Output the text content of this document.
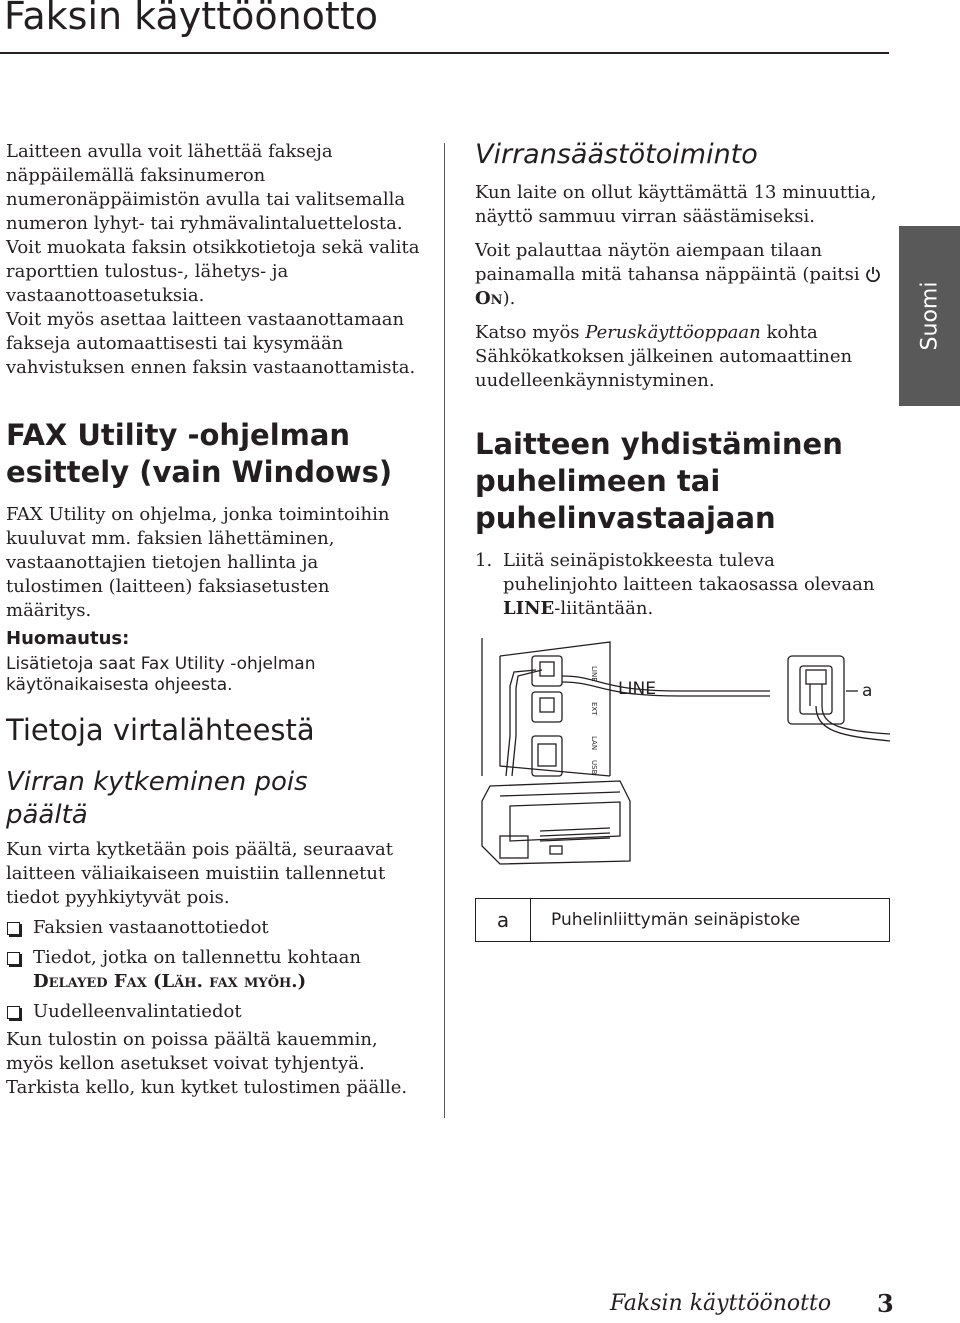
Faksin käyttöönotto
Suomi

Laitteen avulla voit lähettää fakseja näppäilemällä faksinumeron numeronäppäimistön avulla tai valitsemalla numeron lyhyt- tai ryhmävalintaluettelosta. Voit muokata faksin otsikkotietoja sekä valita raporttien tulostus-, lähetys- ja vastaanottoasetuksia.

Voit myös asettaa laitteen vastaanottamaan fakseja automaattisesti tai kysymään vahvistuksen ennen faksin vastaanottamista.

FAX Utility -ohjelman esittely (vain Windows)

FAX Utility on ohjelma, jonka toimintoihin kuuluvat mm. faksien lähettäminen, vastaanottajien tietojen hallinta ja tulostimen (laitteen) faksiasetusten määritys.

Huomautus:

Lisätietoja saat Fax Utility -ohjelman käytönaikaisesta ohjeesta.

Tietoja virtalähteestä
Virran kytkeminen pois päältä

Kun virta kytketään pois päältä, seuraavat laitteen väliaikaiseen muistiin tallennetut tiedot pyyhkiytyvät pois.

Faksien vastaanottotiedot
Tiedot, jotka on tallennettu kohtaan Delayed Fax (Läh. fax myöh.)
Uudelleenvalintatiedot

Kun tulostin on poissa päältä kauemmin, myös kellon asetukset voivat tyhjentyä. Tarkista kello, kun kytket tulostimen päälle.

Virransäästötoiminto

Kun laite on ollut käyttämättä 13 minuuttia, näyttö sammuu virran säästämiseksi.

Voit palauttaa näytön aiempaan tilaan painamalla mitä tahansa näppäintä (paitsi  On).

Katso myös Peruskäyttöoppaan kohta Sähkökatkoksen jälkeinen automaattinen uudelleenkäynnistyminen.

Laitteen yhdistäminen puhelimeen tai puhelinvastaajaan
1. Liitä seinäpistokkeesta tuleva puhelinjohto laitteen takaosassa olevaan LINE-liitäntään.
LINE	a
LINE
EXT
LAN
USB
a	Puhelinliittymän seinäpistoke
Faksin käyttöönotto 3
